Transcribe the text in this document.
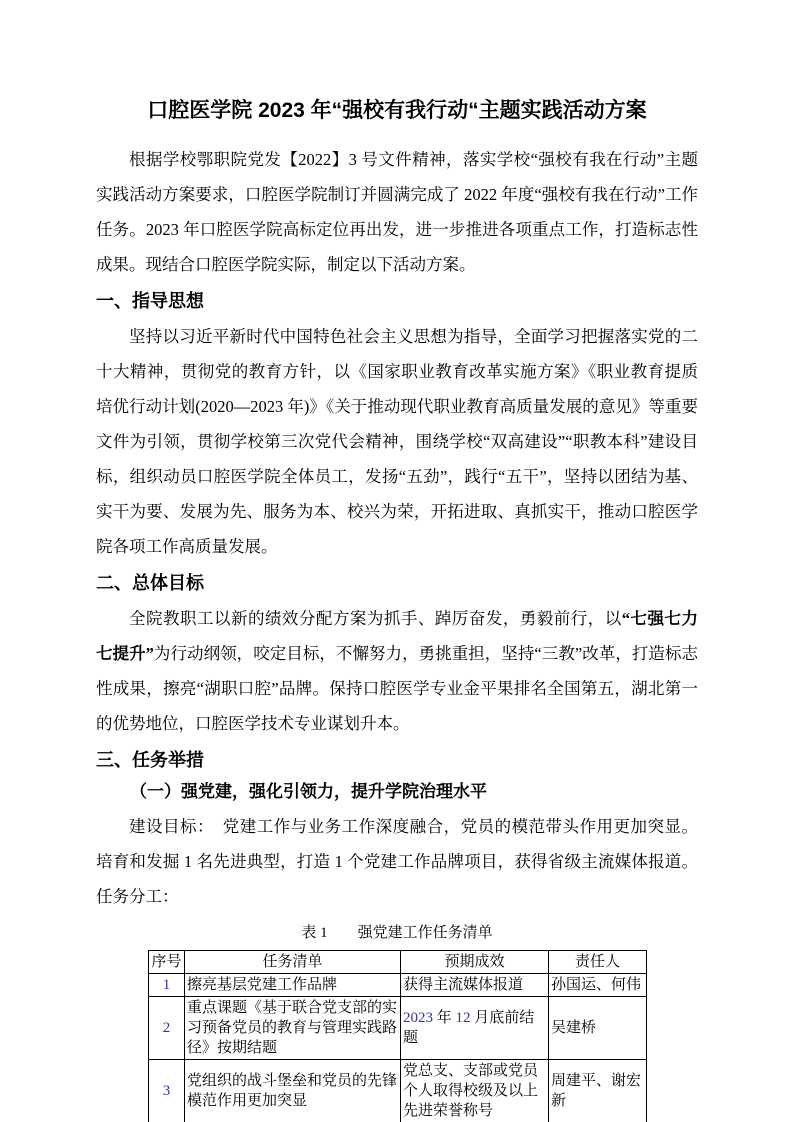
口腔医学院 2023 年“强校有我行动“主题实践活动方案

根据学校鄂职院党发【2022】3 号文件精神，落实学校“强校有我在行动”主题实践活动方案要求，口腔医学院制订并圆满完成了 2022 年度“强校有我在行动”工作任务。2023 年口腔医学院高标定位再出发，进一步推进各项重点工作，打造标志性成果。现结合口腔医学院实际，制定以下活动方案。

一、指导思想

坚持以习近平新时代中国特色社会主义思想为指导，全面学习把握落实党的二十大精神，贯彻党的教育方针，以《国家职业教育改革实施方案》《职业教育提质培优行动计划(2020—2023 年)》《关于推动现代职业教育高质量发展的意见》等重要文件为引领，贯彻学校第三次党代会精神，围绕学校“双高建设”“职教本科”建设目标，组织动员口腔医学院全体员工，发扬“五劲”，践行“五干”，坚持以团结为基、实干为要、发展为先、服务为本、校兴为荣，开拓进取、真抓实干，推动口腔医学院各项工作高质量发展。

二、总体目标

全院教职工以新的绩效分配方案为抓手、踔厉奋发，勇毅前行，以“七强七力七提升”为行动纲领，咬定目标，不懈努力，勇挑重担，坚持“三教”改革，打造标志性成果，擦亮“湖职口腔”品牌。保持口腔医学专业金平果排名全国第五，湖北第一的优势地位，口腔医学技术专业谋划升本。

三、任务举措
（一）强党建，强化引领力，提升学院治理水平

建设目标：　党建工作与业务工作深度融合，党员的模范带头作用更加突显。培育和发掘 1 名先进典型，打造 1 个党建工作品牌项目，获得省级主流媒体报道。任务分工：

表 1　　强党建工作任务清单
序号	任务清单	预期成效	责任人
1	擦亮基层党建工作品牌	获得主流媒体报道	孙国运、何伟
2	重点课题《基于联合党支部的实习预备党员的教育与管理实践路径》按期结题	2023 年 12 月底前结题	吴建桥
3	党组织的战斗堡垒和党员的先锋模范作用更加突显	党总支、支部或党员个人取得校级及以上先进荣誉称号	周建平、谢宏新
